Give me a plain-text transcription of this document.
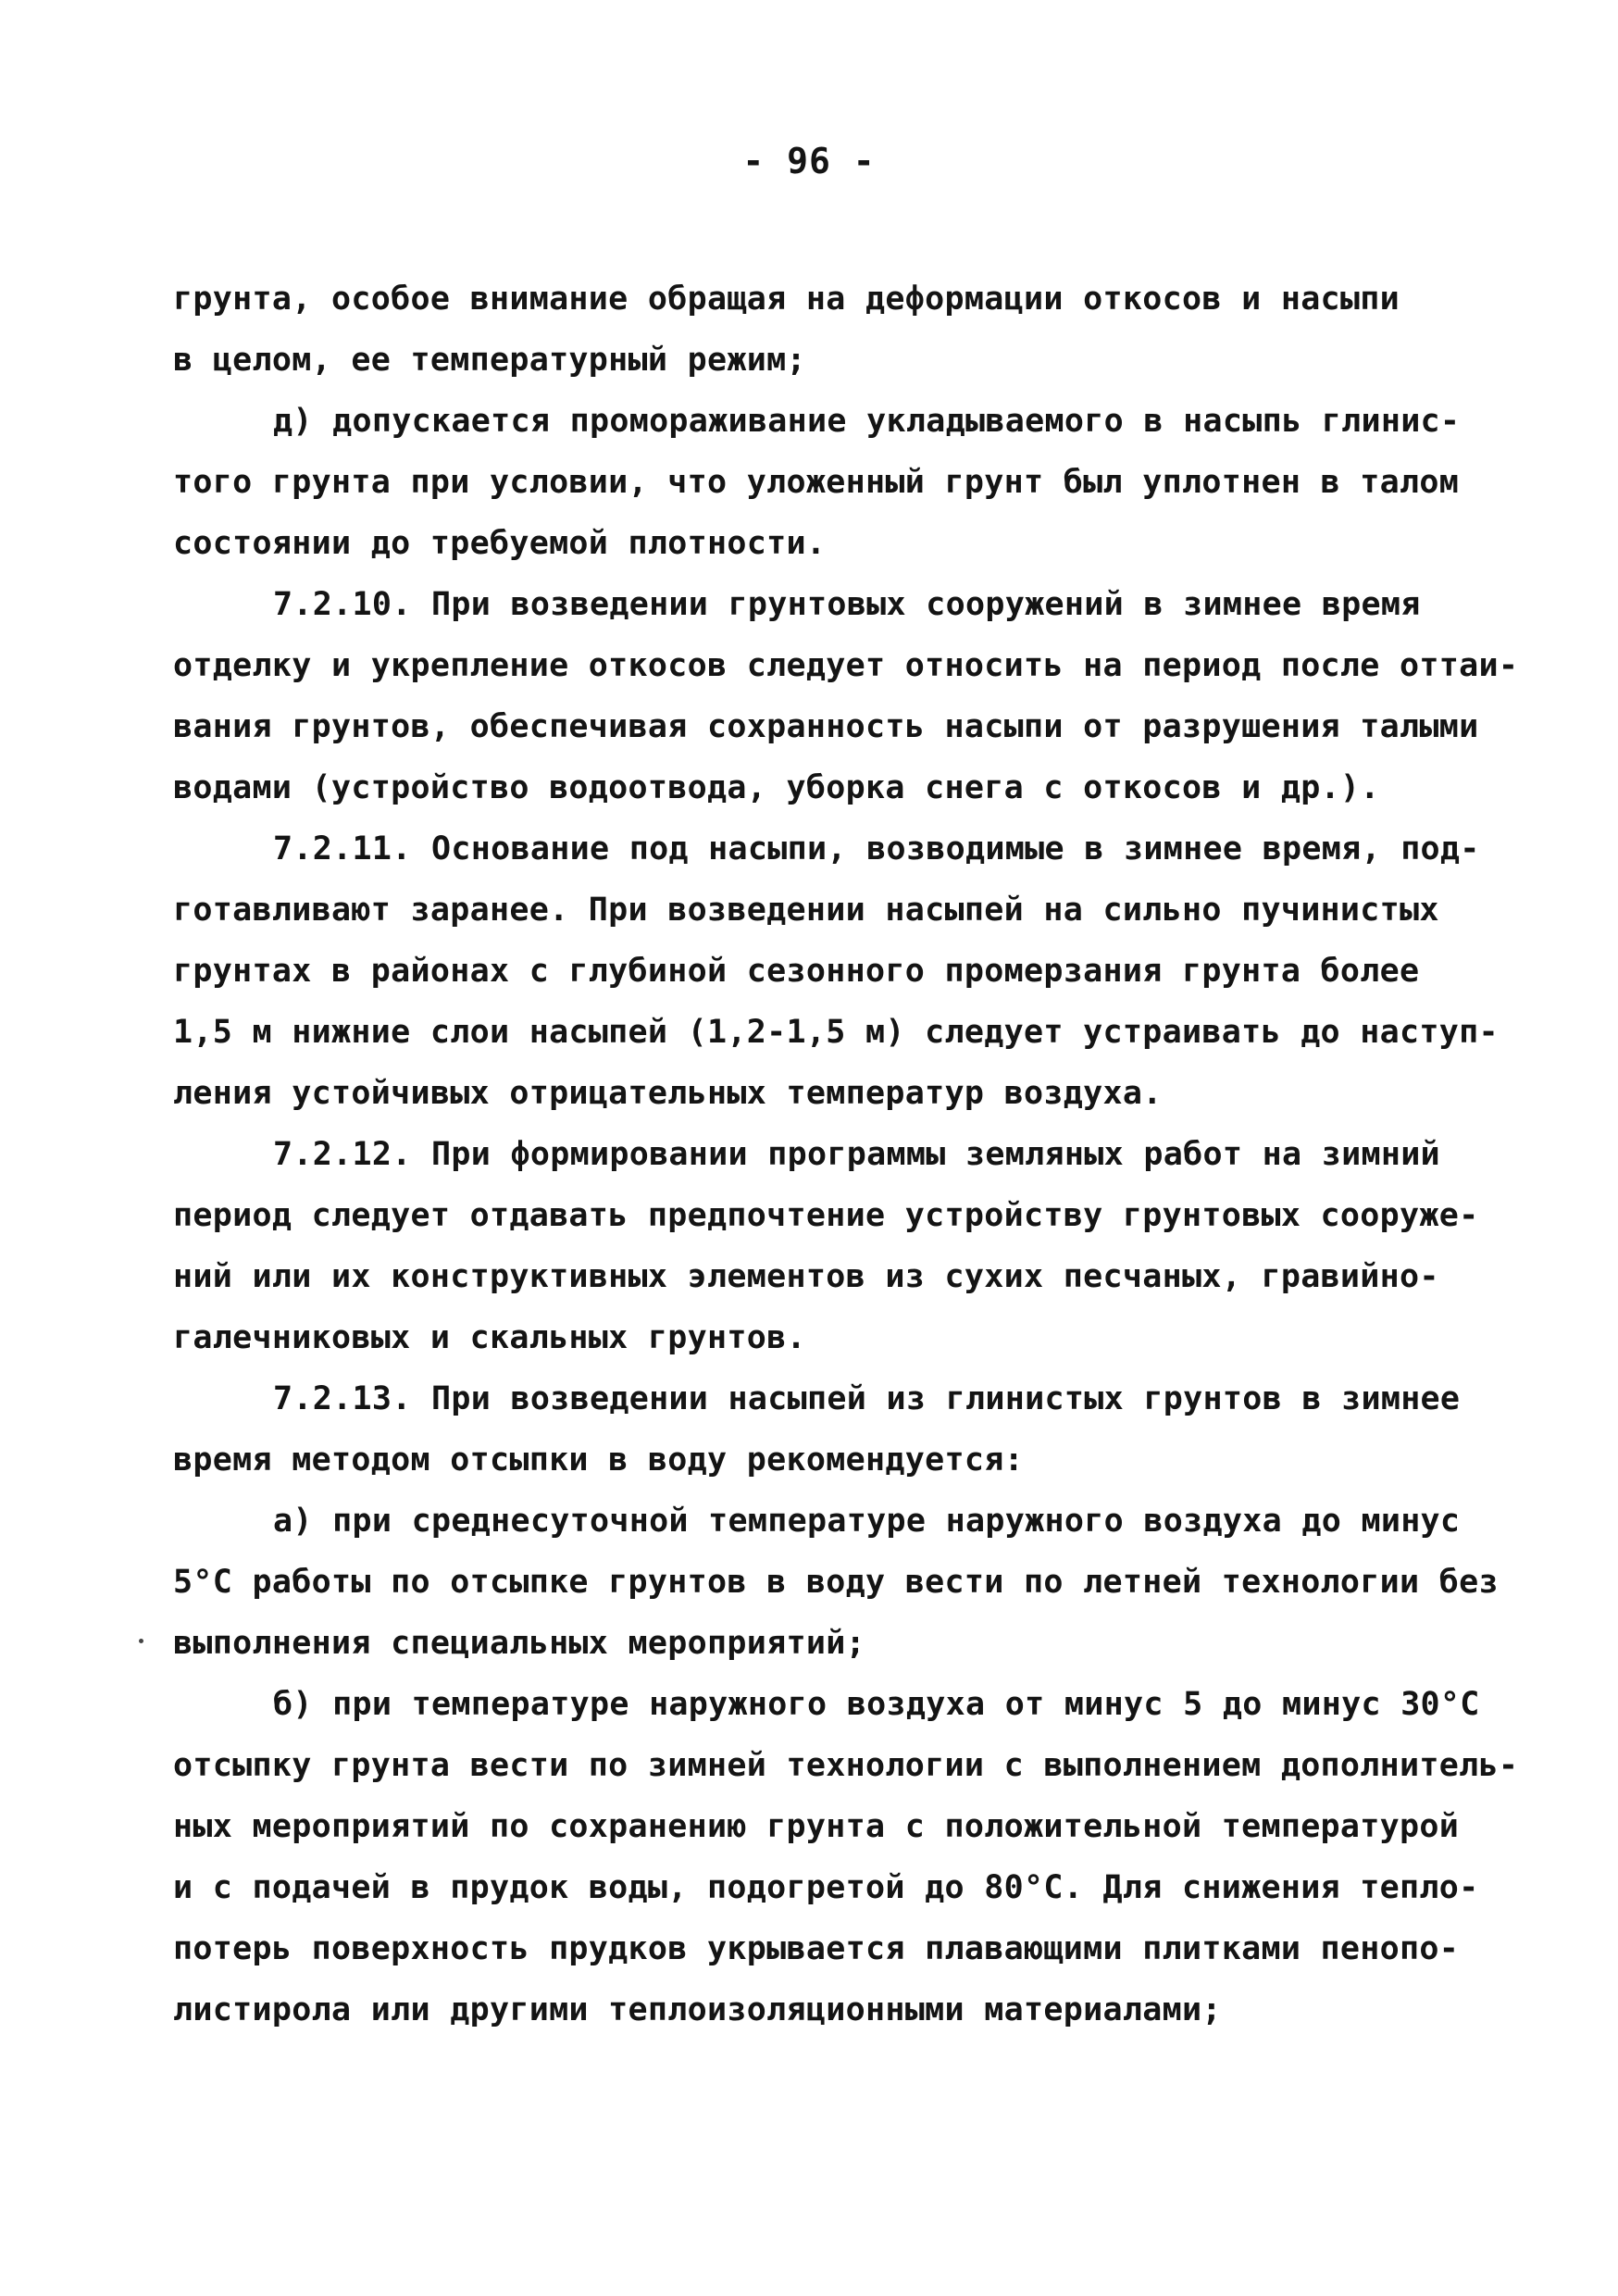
- 96 -
грунта, особое внимание обращая на деформации откосов и насыпи
в целом, ее температурный режим;
д) допускается промораживание укладываемого в насыпь глинис-
того грунта при условии, что уложенный грунт был уплотнен в талом
состоянии до требуемой плотности.
7.2.10. При возведении грунтовых сооружений в зимнее время
отделку и укрепление откосов следует относить на период после оттаи-
вания грунтов, обеспечивая сохранность насыпи от разрушения талыми
водами (устройство водоотвода, уборка снега с откосов и др.).
7.2.11. Основание под насыпи, возводимые в зимнее время, под-
готавливают заранее. При возведении насыпей на сильно пучинистых
грунтах в районах с глубиной сезонного промерзания грунта более
1,5 м нижние слои насыпей (1,2-1,5 м) следует устраивать до наступ-
ления устойчивых отрицательных температур воздуха.
7.2.12. При формировании программы земляных работ на зимний
период следует отдавать предпочтение устройству грунтовых сооруже-
ний или их конструктивных элементов из сухих песчаных, гравийно-
галечниковых и скальных грунтов.
7.2.13. При возведении насыпей из глинистых грунтов в зимнее
время методом отсыпки в воду рекомендуется:
а) при среднесуточной температуре наружного воздуха до минус
5°С работы по отсыпке грунтов в воду вести по летней технологии без
выполнения специальных мероприятий;
б) при температуре наружного воздуха от минус 5 до минус 30°С
отсыпку грунта вести по зимней технологии с выполнением дополнитель-
ных мероприятий по сохранению грунта с положительной температурой
и с подачей в прудок воды, подогретой до 80°С. Для снижения тепло-
потерь поверхность прудков укрывается плавающими плитками пенопо-
листирола или другими теплоизоляционными материалами;
